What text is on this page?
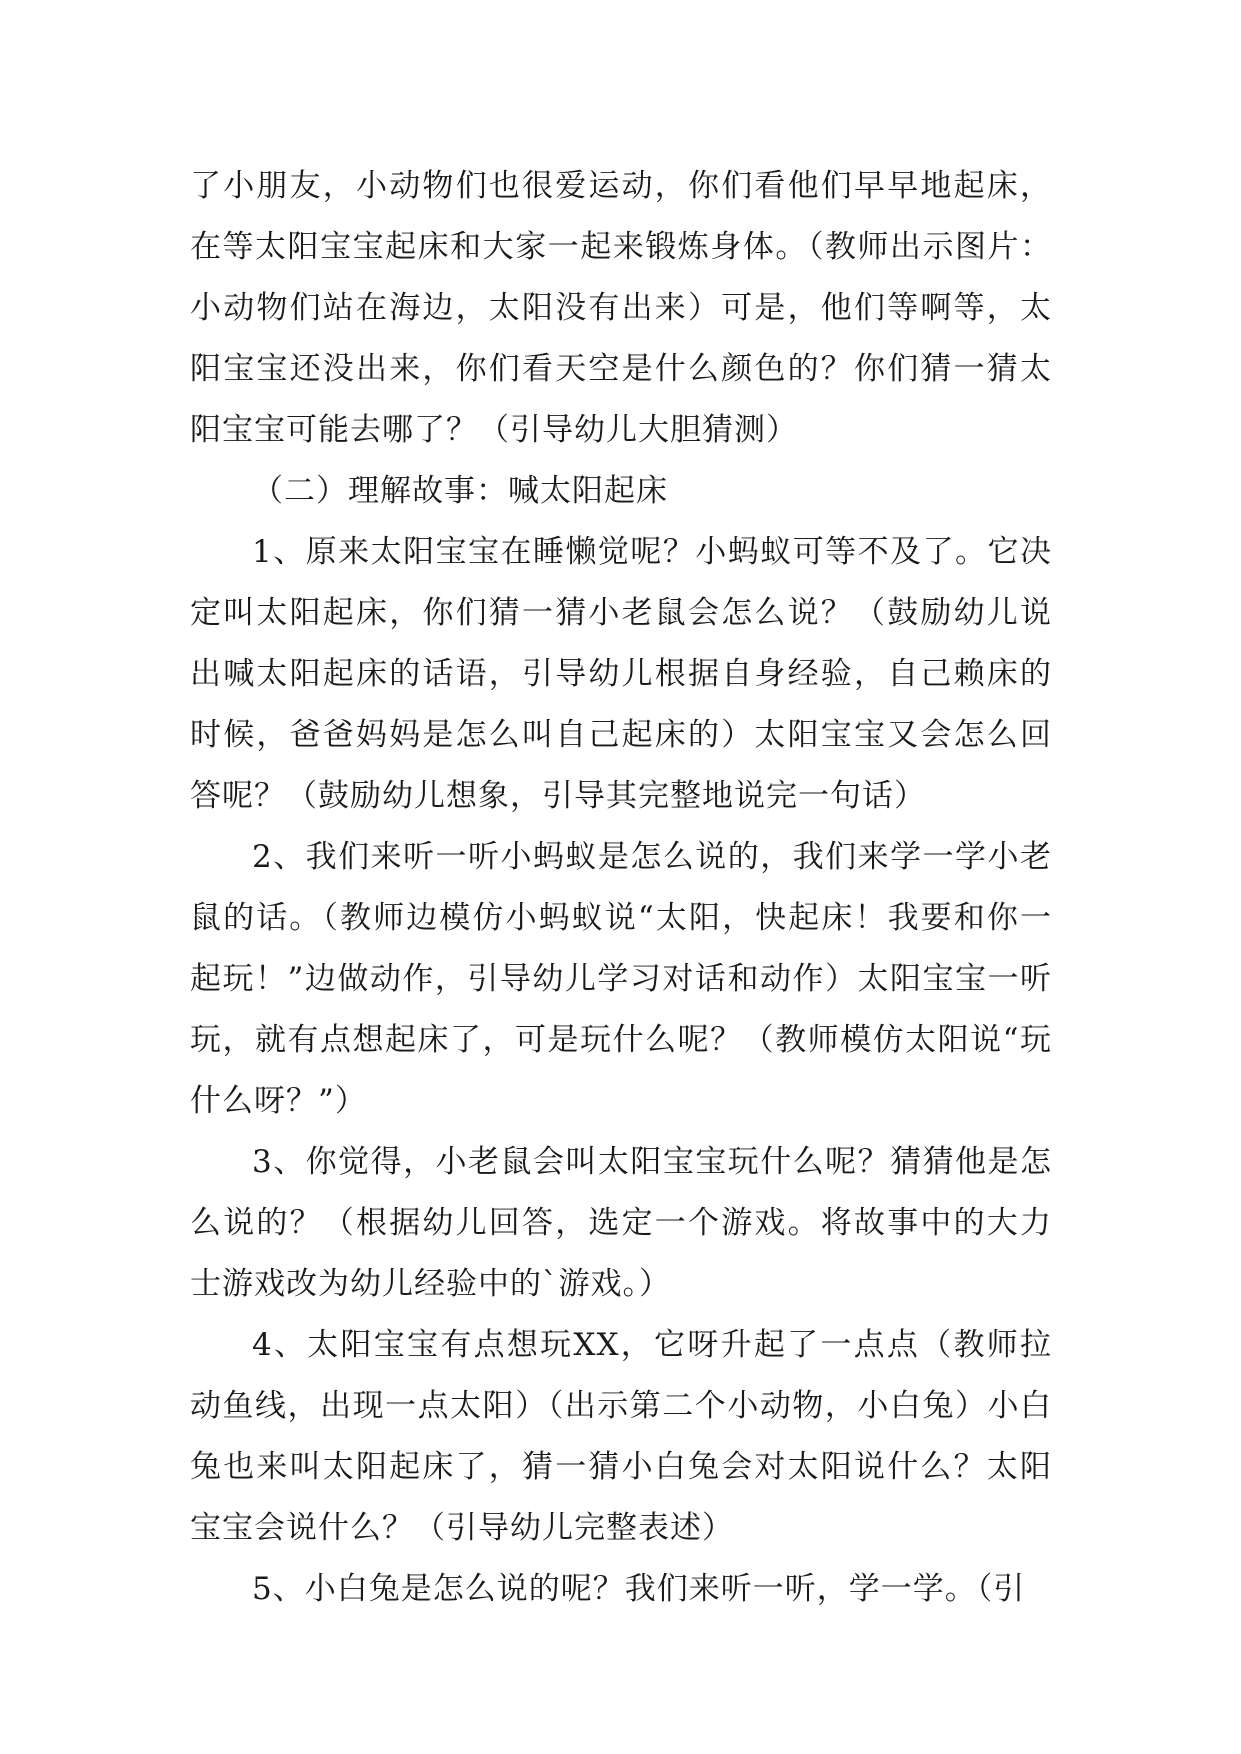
了小朋友，小动物们也很爱运动，你们看他们早早地起床，在等太阳宝宝起床和大家一起来锻炼身体。（教师出示图片：小动物们站在海边，太阳没有出来）可是，他们等啊等，太阳宝宝还没出来，你们看天空是什么颜色的？你们猜一猜太阳宝宝可能去哪了？（引导幼儿大胆猜测）

（二）理解故事：喊太阳起床

1、原来太阳宝宝在睡懒觉呢？小蚂蚁可等不及了。它决定叫太阳起床，你们猜一猜小老鼠会怎么说？（鼓励幼儿说出喊太阳起床的话语，引导幼儿根据自身经验，自己赖床的时候，爸爸妈妈是怎么叫自己起床的）太阳宝宝又会怎么回答呢？（鼓励幼儿想象，引导其完整地说完一句话）

2、我们来听一听小蚂蚁是怎么说的，我们来学一学小老鼠的话。（教师边模仿小蚂蚁说“太阳，快起床！我要和你一起玩！”边做动作，引导幼儿学习对话和动作）太阳宝宝一听玩，就有点想起床了，可是玩什么呢？（教师模仿太阳说“玩什么呀？”）

3、你觉得，小老鼠会叫太阳宝宝玩什么呢？猜猜他是怎么说的？（根据幼儿回答，选定一个游戏。将故事中的大力士游戏改为幼儿经验中的`游戏。）

4、太阳宝宝有点想玩XX，它呀升起了一点点（教师拉动鱼线，出现一点太阳）（出示第二个小动物，小白兔）小白兔也来叫太阳起床了，猜一猜小白兔会对太阳说什么？太阳宝宝会说什么？（引导幼儿完整表述）

5、小白兔是怎么说的呢？我们来听一听，学一学。（引
